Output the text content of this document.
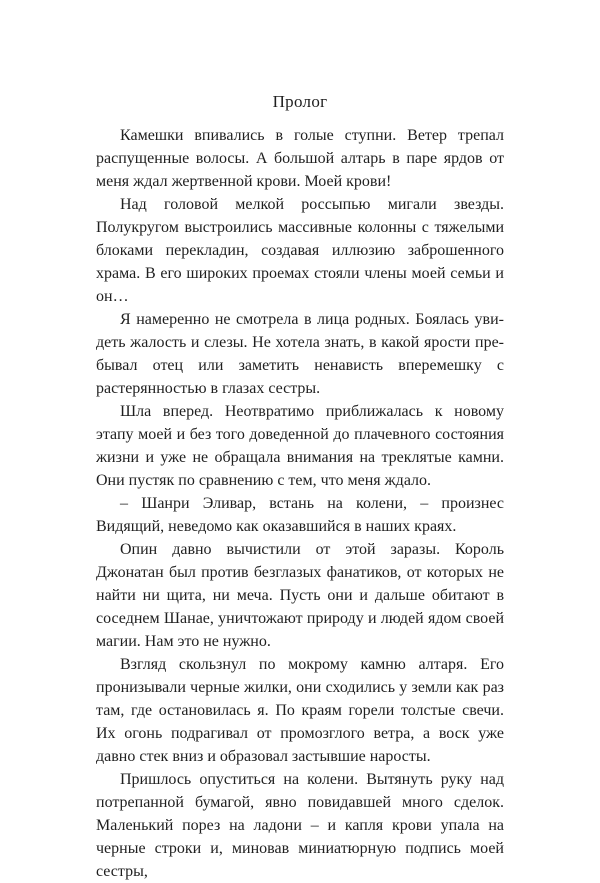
Пролог

Камешки впивались в голые ступни. Ветер трепал распущенные волосы. А большой алтарь в паре ярдов от меня ждал жертвенной крови. Моей крови!

Над головой мелкой россыпью мигали звезды. Полукругом выстроились массивные колонны с тяжелыми блоками перекладин, создавая иллюзию заброшенного храма. В его широких проемах стояли члены моей семьи и он…

Я намеренно не смотрела в лица родных. Боялась увидеть жалость и слезы. Не хотела знать, в какой ярости пребывал отец или заметить ненависть вперемешку с растерянностью в глазах сестры.

Шла вперед. Неотвратимо приближалась к новому этапу моей и без того доведенной до плачевного состояния жизни и уже не обращала внимания на треклятые камни. Они пустяк по сравнению с тем, что меня ждало.

– Шанри Эливар, встань на колени, – произнес Видящий, неведомо как оказавшийся в наших краях.

Опин давно вычистили от этой заразы. Король Джонатан был против безглазых фанатиков, от которых не найти ни щита, ни меча. Пусть они и дальше обитают в соседнем Шанае, уничтожают природу и людей ядом своей магии. Нам это не нужно.

Взгляд скользнул по мокрому камню алтаря. Его пронизывали черные жилки, они сходились у земли как раз там, где остановилась я. По краям горели толстые свечи. Их огонь подрагивал от промозглого ветра, а воск уже давно стек вниз и образовал застывшие наросты.

Пришлось опуститься на колени. Вытянуть руку над потрепанной бумагой, явно повидавшей много сделок. Маленький порез на ладони – и капля крови упала на черные строки и, миновав миниатюрную подпись моей сестры,
